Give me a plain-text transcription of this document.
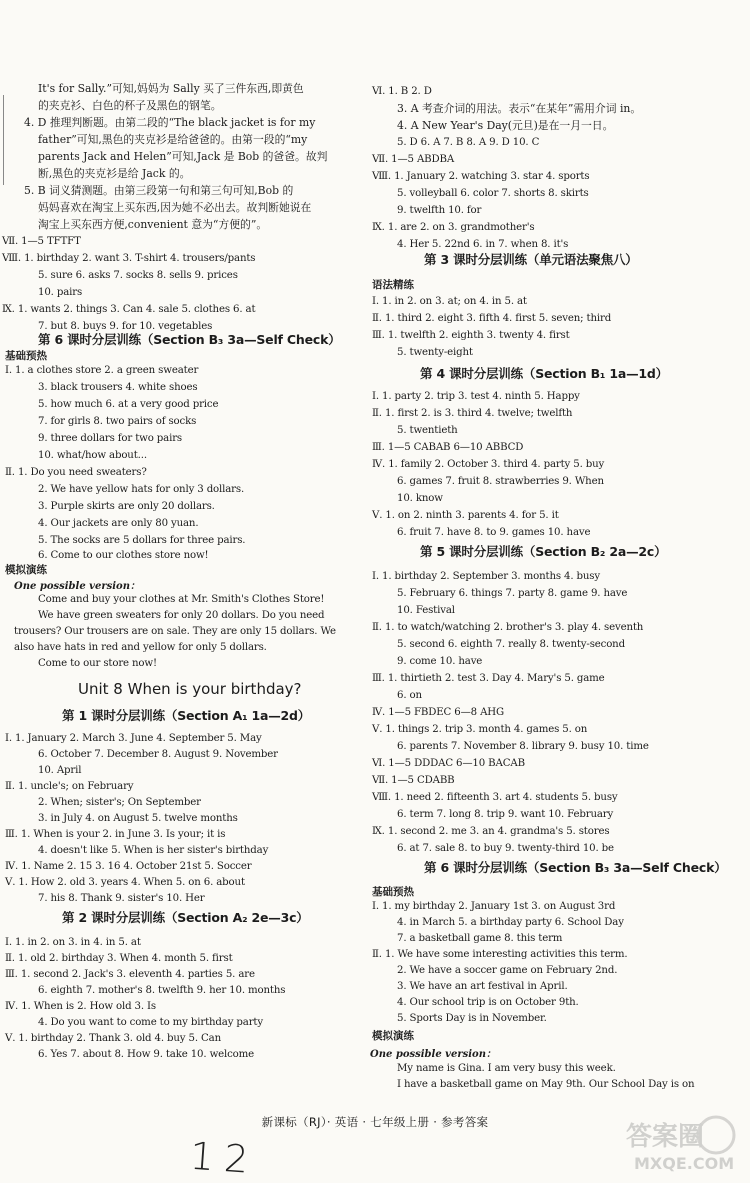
It's for Sally.”可知,妈妈为 Sally 买了三件东西,即黄色
的夹克衫、白色的杯子及黑色的钢笔。
4. D 推理判断题。由第二段的“The black jacket is for my
father”可知,黑色的夹克衫是给爸爸的。由第一段的“my
parents Jack and Helen”可知,Jack 是 Bob 的爸爸。故判
断,黑色的夹克衫是给 Jack 的。
5. B 词义猜测题。由第三段第一句和第三句可知,Bob 的
妈妈喜欢在淘宝上买东西,因为她不必出去。故判断她说在
淘宝上买东西方便,convenient 意为“方便的”。
Ⅶ. 1—5 TFTFT
Ⅷ. 1. birthday 2. want 3. T-shirt 4. trousers/pants
5. sure 6. asks 7. socks 8. sells 9. prices
10. pairs
Ⅸ. 1. wants 2. things 3. Can 4. sale 5. clothes 6. at
7. but 8. buys 9. for 10. vegetables
Ⅰ. 1. a clothes store 2. a green sweater
3. black trousers 4. white shoes
5. how much 6. at a very good price
7. for girls 8. two pairs of socks
9. three dollars for two pairs
10. what/how about...
Ⅱ. 1. Do you need sweaters?
2. We have yellow hats for only 3 dollars.
3. Purple skirts are only 20 dollars.
4. Our jackets are only 80 yuan.
5. The socks are 5 dollars for three pairs.
6. Come to our clothes store now!
Come and buy your clothes at Mr. Smith's Clothes Store!
We have green sweaters for only 20 dollars. Do you need
trousers? Our trousers are on sale. They are only 15 dollars. We
also have hats in red and yellow for only 5 dollars.
Come to our store now!
Ⅰ. 1. January 2. March 3. June 4. September 5. May
6. October 7. December 8. August 9. November
10. April
Ⅱ. 1. uncle's; on February
2. When; sister's; On September
3. in July 4. on August 5. twelve months
Ⅲ. 1. When is your 2. in June 3. Is your; it is
4. doesn't like 5. When is her sister's birthday
Ⅳ. 1. Name 2. 15 3. 16 4. October 21st 5. Soccer
Ⅴ. 1. How 2. old 3. years 4. When 5. on 6. about
7. his 8. Thank 9. sister's 10. Her
Ⅰ. 1. in 2. on 3. in 4. in 5. at
Ⅱ. 1. old 2. birthday 3. When 4. month 5. first
Ⅲ. 1. second 2. Jack's 3. eleventh 4. parties 5. are
6. eighth 7. mother's 8. twelfth 9. her 10. months
Ⅳ. 1. When is 2. How old 3. Is
4. Do you want to come to my birthday party
Ⅴ. 1. birthday 2. Thank 3. old 4. buy 5. Can
6. Yes 7. about 8. How 9. take 10. welcome
Ⅵ. 1. B 2. D
3. A 考查介词的用法。表示“在某年”需用介词 in。
4. A New Year's Day(元旦)是在一月一日。
5. D 6. A 7. B 8. A 9. D 10. C
Ⅶ. 1—5 ABDBA
Ⅷ. 1. January 2. watching 3. star 4. sports
5. volleyball 6. color 7. shorts 8. skirts
9. twelfth 10. for
Ⅸ. 1. are 2. on 3. grandmother's
4. Her 5. 22nd 6. in 7. when 8. it's
Ⅰ. 1. in 2. on 3. at; on 4. in 5. at
Ⅱ. 1. third 2. eight 3. fifth 4. first 5. seven; third
Ⅲ. 1. twelfth 2. eighth 3. twenty 4. first
5. twenty-eight
Ⅰ. 1. party 2. trip 3. test 4. ninth 5. Happy
Ⅱ. 1. first 2. is 3. third 4. twelve; twelfth
5. twentieth
Ⅲ. 1—5 CABAB 6—10 ABBCD
Ⅳ. 1. family 2. October 3. third 4. party 5. buy
6. games 7. fruit 8. strawberries 9. When
10. know
Ⅴ. 1. on 2. ninth 3. parents 4. for 5. it
6. fruit 7. have 8. to 9. games 10. have
Ⅰ. 1. birthday 2. September 3. months 4. busy
5. February 6. things 7. party 8. game 9. have
10. Festival
Ⅱ. 1. to watch/watching 2. brother's 3. play 4. seventh
5. second 6. eighth 7. really 8. twenty-second
9. come 10. have
Ⅲ. 1. thirtieth 2. test 3. Day 4. Mary's 5. game
6. on
Ⅳ. 1—5 FBDEC 6—8 AHG
Ⅴ. 1. things 2. trip 3. month 4. games 5. on
6. parents 7. November 8. library 9. busy 10. time
Ⅵ. 1—5 DDDAC 6—10 BACAB
Ⅶ. 1—5 CDABB
Ⅷ. 1. need 2. fifteenth 3. art 4. students 5. busy
6. term 7. long 8. trip 9. want 10. February
Ⅸ. 1. second 2. me 3. an 4. grandma's 5. stores
6. at 7. sale 8. to buy 9. twenty-third 10. be
Ⅰ. 1. my birthday 2. January 1st 3. on August 3rd
4. in March 5. a birthday party 6. School Day
7. a basketball game 8. this term
Ⅱ. 1. We have some interesting activities this term.
2. We have a soccer game on February 2nd.
3. We have an art festival in April.
4. Our school trip is on October 9th.
5. Sports Day is in November.
My name is Gina. I am very busy this week.
I have a basketball game on May 9th. Our School Day is on
第 6 课时分层训练（Section B₃ 3a—Self Check）
第 3 课时分层训练（单元语法聚焦八）
第 4 课时分层训练（Section B₁ 1a—1d）
第 5 课时分层训练（Section B₂ 2a—2c）
第 1 课时分层训练（Section A₁ 1a—2d）
第 2 课时分层训练（Section A₂ 2e—3c）
第 6 课时分层训练（Section B₃ 3a—Self Check）
基础预热
模拟演练
语法精练
基础预热
模拟演练
One possible version：
One possible version：
Unit 8 When is your birthday?
新课标（RJ）· 英语 · 七年级上册 · 参考答案
12	答案圈
MXQE.COM
